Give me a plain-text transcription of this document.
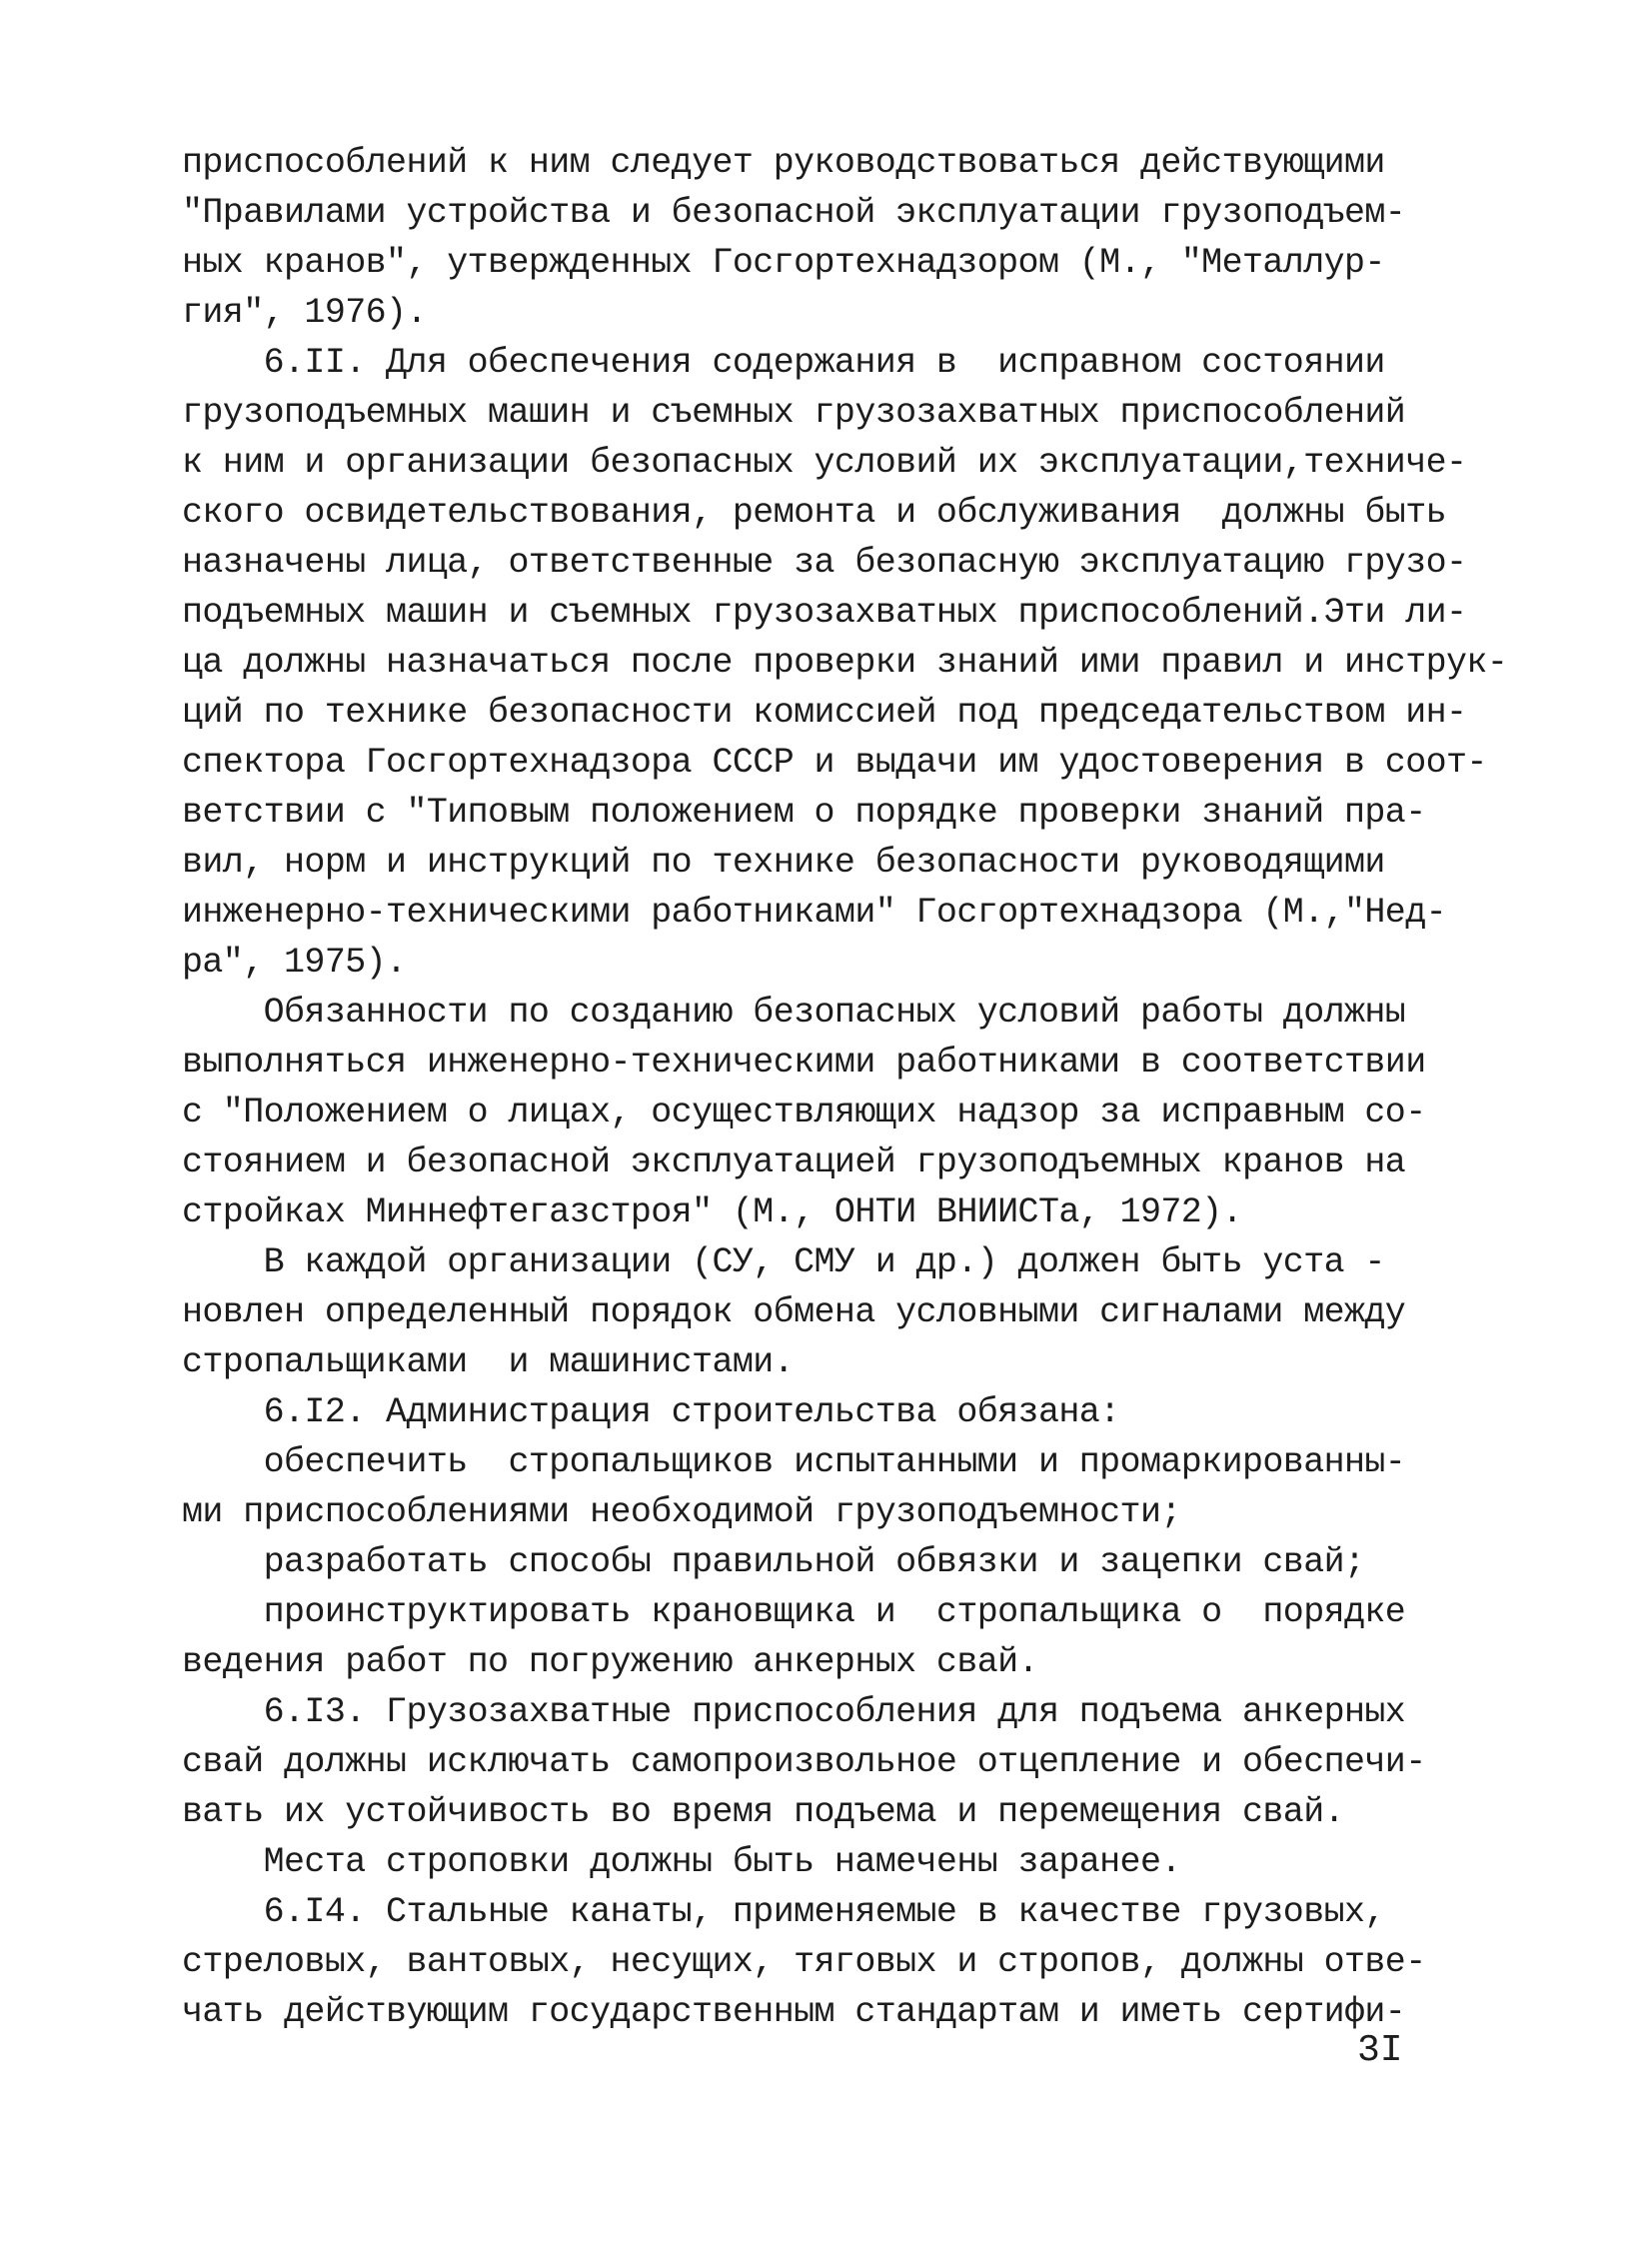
приспособлений к ним следует руководствоваться действующими
"Правилами устройства и безопасной эксплуатации грузоподъем-
ных кранов", утвержденных Госгортехнадзором (М., "Металлур-
гия", 1976).
6.II. Для обеспечения содержания в  исправном состоянии
грузоподъемных машин и съемных грузозахватных приспособлений
к ним и организации безопасных условий их эксплуатации,техниче-
ского освидетельствования, ремонта и обслуживания  должны быть
назначены лица, ответственные за безопасную эксплуатацию грузо-
подъемных машин и съемных грузозахватных приспособлений.Эти ли-
ца должны назначаться после проверки знаний ими правил и инструк-
ций по технике безопасности комиссией под председательством ин-
спектора Госгортехнадзора СССР и выдачи им удостоверения в соот-
ветствии с "Типовым положением о порядке проверки знаний пра-
вил, норм и инструкций по технике безопасности руководящими
инженерно-техническими работниками" Госгортехнадзора (М.,"Нед-
ра", 1975).
Обязанности по созданию безопасных условий работы должны
выполняться инженерно-техническими работниками в соответствии
с "Положением о лицах, осуществляющих надзор за исправным со-
стоянием и безопасной эксплуатацией грузоподъемных кранов на
стройках Миннефтегазстроя" (М., ОНТИ ВНИИСТа, 1972).
В каждой организации (СУ, СМУ и др.) должен быть уста -
новлен определенный порядок обмена условными сигналами между
стропальщиками  и машинистами.
6.I2. Администрация строительства обязана:
обеспечить  стропальщиков испытанными и промаркированны-
ми приспособлениями необходимой грузоподъемности;
разработать способы правильной обвязки и зацепки свай;
проинструктировать крановщика и  стропальщика о  порядке
ведения работ по погружению анкерных свай.
6.I3. Грузозахватные приспособления для подъема анкерных
свай должны исключать самопроизвольное отцепление и обеспечи-
вать их устойчивость во время подъема и перемещения свай.
Места строповки должны быть намечены заранее.
6.I4. Стальные канаты, применяемые в качестве грузовых,
стреловых, вантовых, несущих, тяговых и стропов, должны отве-
чать действующим государственным стандартам и иметь сертифи-
3I
